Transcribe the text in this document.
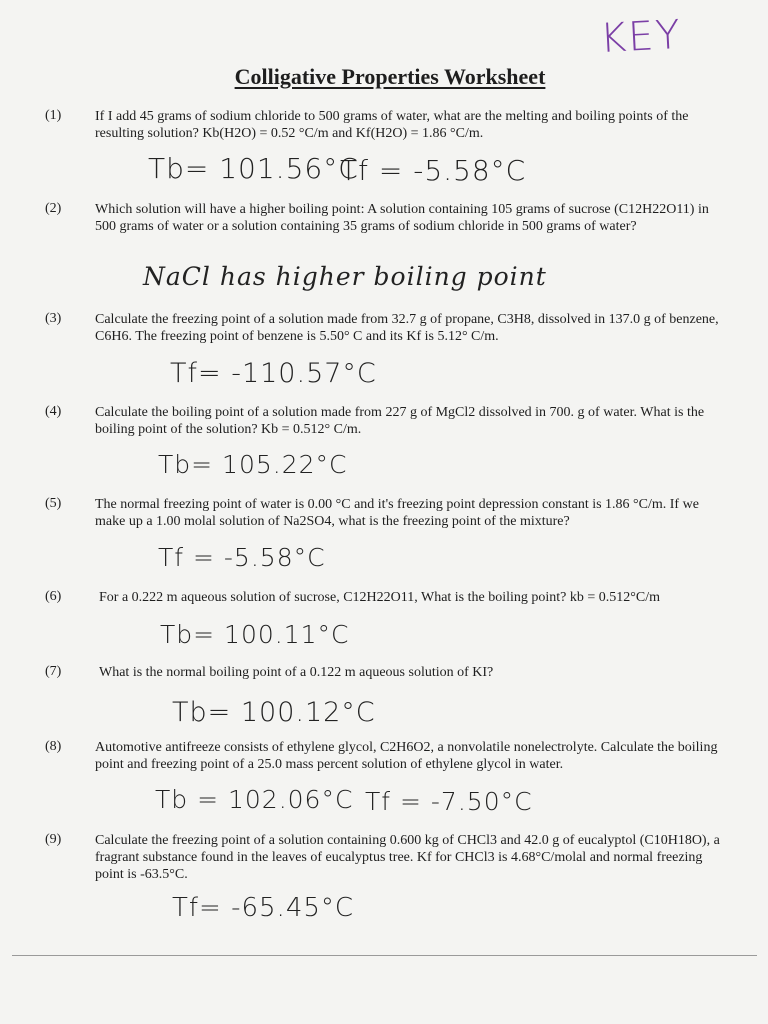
KEY
Colligative Properties Worksheet
(1) If I add 45 grams of sodium chloride to 500 grams of water, what are the melting and boiling points of the resulting solution? Kb(H2O) = 0.52 °C/m and Kf(H2O) = 1.86 °C/m.
Tb= 101.56°C
Tf = -5.58°C
(2) Which solution will have a higher boiling point: A solution containing 105 grams of sucrose (C12H22O11) in 500 grams of water or a solution containing 35 grams of sodium chloride in 500 grams of water?
NaCl has higher boiling point
(3) Calculate the freezing point of a solution made from 32.7 g of propane, C3H8, dissolved in 137.0 g of benzene, C6H6. The freezing point of benzene is 5.50° C and its Kf is 5.12° C/m.
Tf= -110.57°C
(4) Calculate the boiling point of a solution made from 227 g of MgCl2 dissolved in 700. g of water. What is the boiling point of the solution? Kb = 0.512° C/m.
Tb= 105.22°C
(5) The normal freezing point of water is 0.00 °C and it's freezing point depression constant is 1.86 °C/m. If we make up a 1.00 molal solution of Na2SO4, what is the freezing point of the mixture?
Tf = -5.58°C
(6)	For a 0.222 m aqueous solution of sucrose, C12H22O11, What is the boiling point? kb = 0.512°C/m
Tb= 100.11°C
(7)	What is the normal boiling point of a 0.122 m aqueous solution of KI?
Tb= 100.12°C
(8) Automotive antifreeze consists of ethylene glycol, C2H6O2, a nonvolatile nonelectrolyte. Calculate the boiling point and freezing point of a 25.0 mass percent solution of ethylene glycol in water.
Tb = 102.06°C Tf = -7.50°C
(9) Calculate the freezing point of a solution containing 0.600 kg of CHCl3 and 42.0 g of eucalyptol (C10H18O), a fragrant substance found in the leaves of eucalyptus tree. Kf for CHCl3 is 4.68°C/molal and normal freezing point is -63.5°C.
Tf= -65.45°C
